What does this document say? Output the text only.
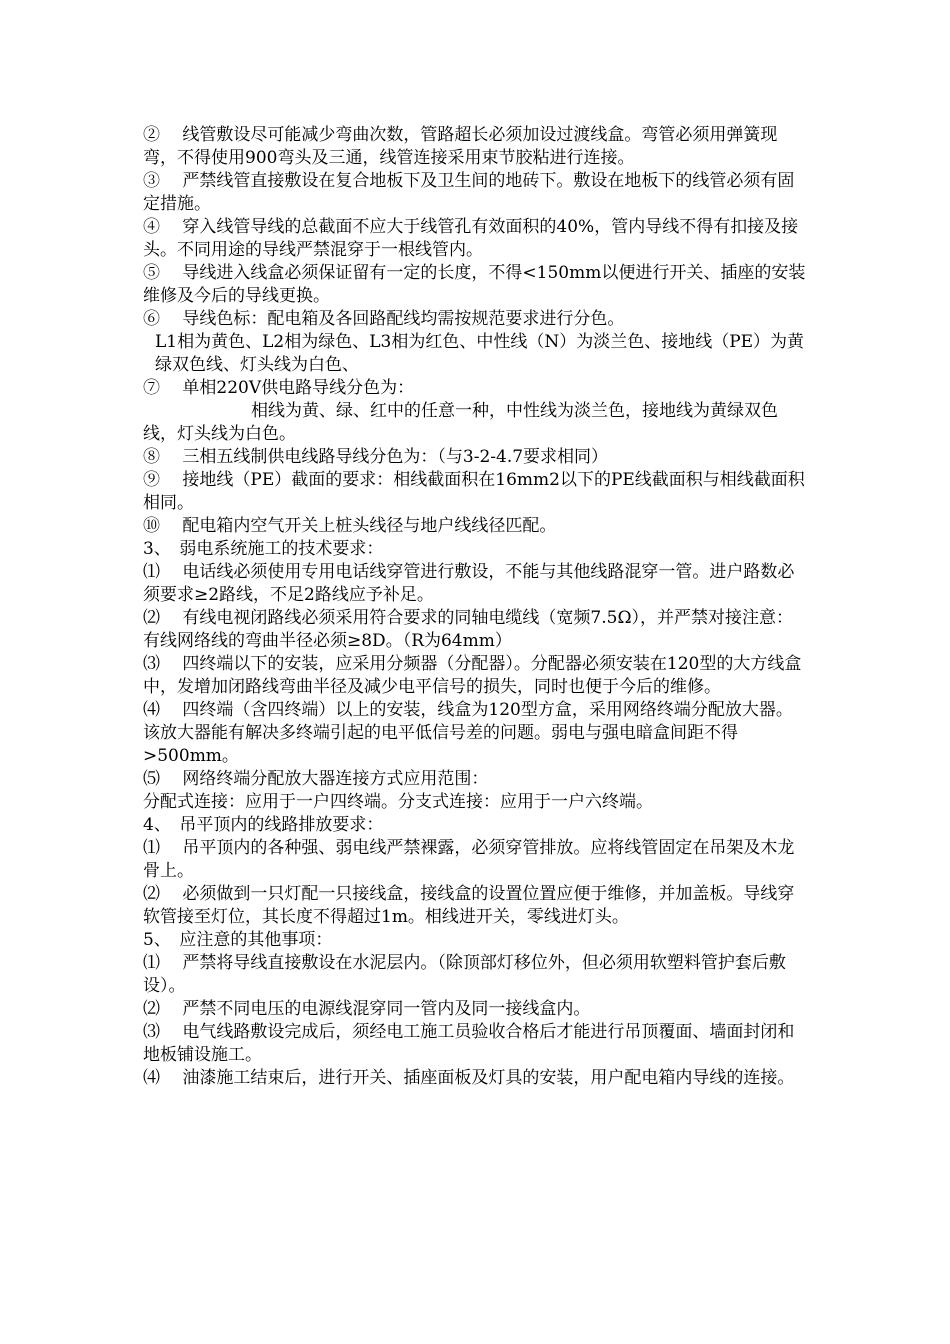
② 　线管敷设尽可能减少弯曲次数，管路超长必须加设过渡线盒。弯管必须用弹簧现弯，不得使用900弯头及三通，线管连接采用束节胶粘进行连接。

③ 　严禁线管直接敷设在复合地板下及卫生间的地砖下。敷设在地板下的线管必须有固定措施。

④ 　穿入线管导线的总截面不应大于线管孔有效面积的40%，管内导线不得有扣接及接头。不同用途的导线严禁混穿于一根线管内。

⑤ 　导线进入线盒必须保证留有一定的长度，不得<150mm以便进行开关、插座的安装维修及今后的导线更换。

⑥ 　导线色标：配电箱及各回路配线均需按规范要求进行分色。

L1相为黄色、L2相为绿色、L3相为红色、中性线（N）为淡兰色、接地线（PE）为黄绿双色线、灯头线为白色、

⑦ 　单相220V供电路导线分色为：

相线为黄、绿、红中的任意一种，中性线为淡兰色，接地线为黄绿双色线，灯头线为白色。

⑧ 　三相五线制供电线路导线分色为：（与3-2-4.7要求相同）

⑨ 　接地线（PE）截面的要求：相线截面积在16mm2以下的PE线截面积与相线截面积相同。

⑩ 　配电箱内空气开关上桩头线径与地户线线径匹配。

3、　弱电系统施工的技术要求：

⑴ 　电话线必须使用专用电话线穿管进行敷设，不能与其他线路混穿一管。进户路数必须要求≥2路线，不足2路线应予补足。

⑵ 　有线电视闭路线必须采用符合要求的同轴电缆线（宽频7.5Ω），并严禁对接注意：有线网络线的弯曲半径必须≥8D。（R为64mm）

⑶ 　四终端以下的安装，应采用分频器（分配器）。分配器必须安装在120型的大方线盒中，发增加闭路线弯曲半径及减少电平信号的损失，同时也便于今后的维修。

⑷ 　四终端（含四终端）以上的安装，线盒为120型方盒，采用网络终端分配放大器。该放大器能有解决多终端引起的电平低信号差的问题。弱电与强电暗盒间距不得>500mm。

⑸ 　网络终端分配放大器连接方式应用范围：

分配式连接：应用于一户四终端。分支式连接：应用于一户六终端。

4、　吊平顶内的线路排放要求：

⑴ 　吊平顶内的各种强、弱电线严禁裸露，必须穿管排放。应将线管固定在吊架及木龙骨上。

⑵ 　必须做到一只灯配一只接线盒，接线盒的设置位置应便于维修，并加盖板。导线穿软管接至灯位，其长度不得超过1m。相线进开关，零线进灯头。

5、　应注意的其他事项：

⑴ 　严禁将导线直接敷设在水泥层内。（除顶部灯移位外，但必须用软塑料管护套后敷设）。

⑵ 　严禁不同电压的电源线混穿同一管内及同一接线盒内。

⑶ 　电气线路敷设完成后，须经电工施工员验收合格后才能进行吊顶覆面、墙面封闭和地板铺设施工。

⑷ 　油漆施工结束后，进行开关、插座面板及灯具的安装，用户配电箱内导线的连接。
